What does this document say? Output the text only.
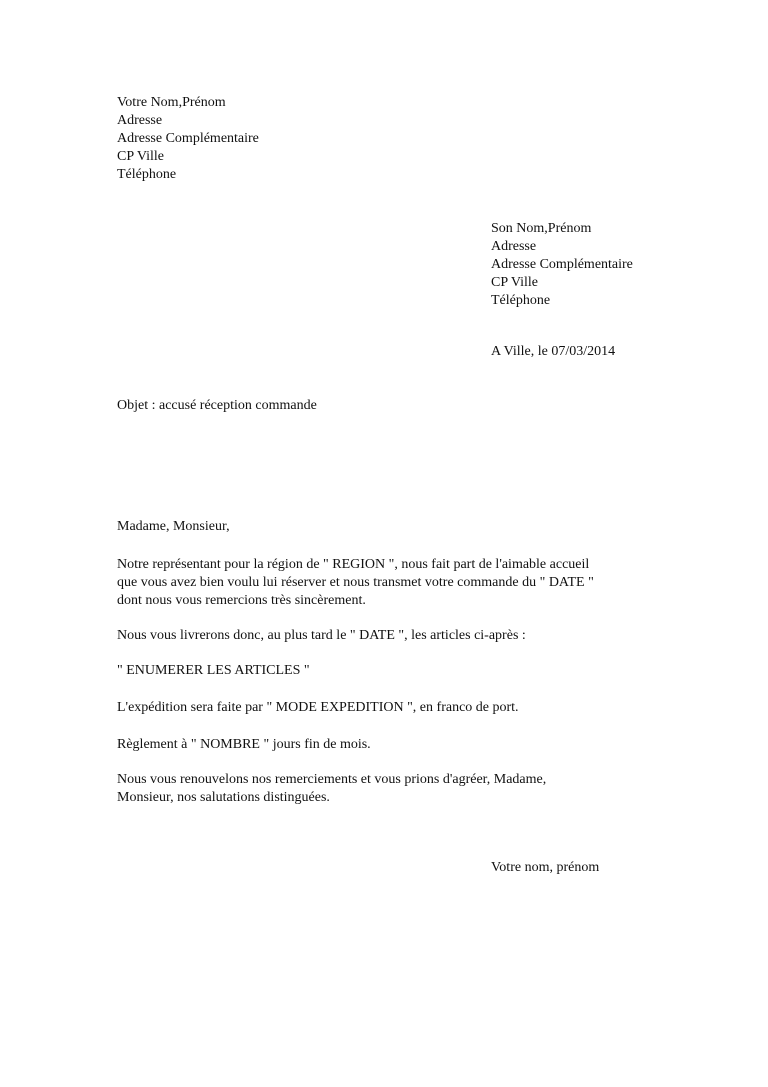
Votre Nom,Prénom
Adresse
Adresse Complémentaire
CP Ville
Téléphone
Son Nom,Prénom
Adresse
Adresse Complémentaire
CP Ville
Téléphone
A Ville, le 07/03/2014
Objet : accusé réception commande
Madame, Monsieur,
Notre représentant pour la région de " REGION ", nous fait part de l'aimable accueil
que vous avez bien voulu lui réserver et nous transmet votre commande du " DATE "
dont nous vous remercions très sincèrement.
Nous vous livrerons donc, au plus tard le " DATE ", les articles ci-après :
" ENUMERER LES ARTICLES "
L'expédition sera faite par " MODE EXPEDITION ", en franco de port.
Règlement à " NOMBRE " jours fin de mois.
Nous vous renouvelons nos remerciements et vous prions d'agréer, Madame,
Monsieur, nos salutations distinguées.
Votre nom, prénom
